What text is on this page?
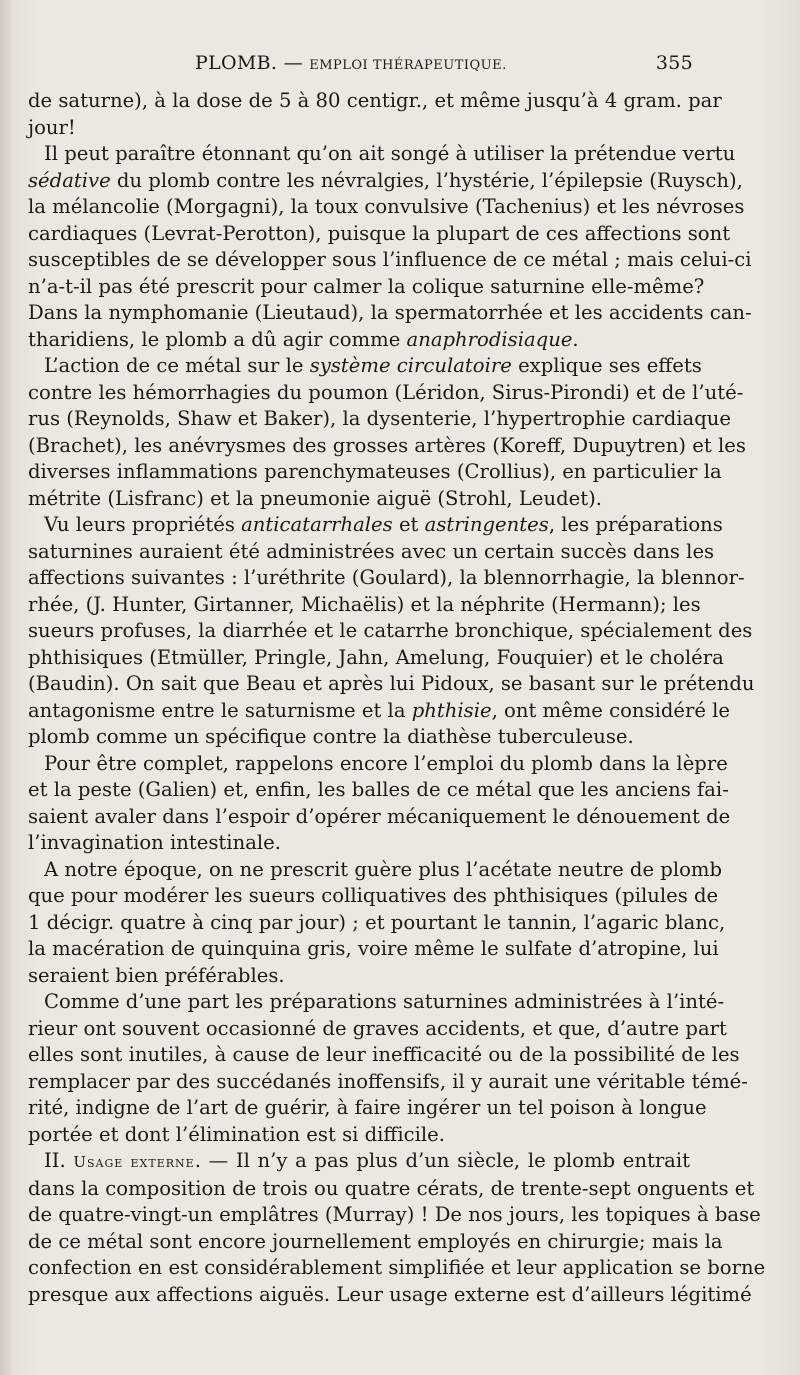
PLOMB. — EMPLOI THÉRAPEUTIQUE.	355
de saturne), à la dose de 5 à 80 centigr., et même jusqu’à 4 gram. par
jour!
Il peut paraître étonnant qu’on ait songé à utiliser la prétendue vertu
sédative du plomb contre les névralgies, l’hystérie, l’épilepsie (Ruysch),
la mélancolie (Morgagni), la toux convulsive (Tachenius) et les névroses
cardiaques (Levrat-Perotton), puisque la plupart de ces affections sont
susceptibles de se développer sous l’influence de ce métal ; mais celui-ci
n’a-t-il pas été prescrit pour calmer la colique saturnine elle-même?
Dans la nymphomanie (Lieutaud), la spermatorrhée et les accidents can-
tharidiens, le plomb a dû agir comme anaphrodisiaque.
L’action de ce métal sur le système circulatoire explique ses effets
contre les hémorrhagies du poumon (Léridon, Sirus-Pirondi) et de l’uté-
rus (Reynolds, Shaw et Baker), la dysenterie, l’hypertrophie cardiaque
(Brachet), les anévrysmes des grosses artères (Koreff, Dupuytren) et les
diverses inflammations parenchymateuses (Crollius), en particulier la
métrite (Lisfranc) et la pneumonie aiguë (Strohl, Leudet).
Vu leurs propriétés anticatarrhales et astringentes, les préparations
saturnines auraient été administrées avec un certain succès dans les
affections suivantes : l’uréthrite (Goulard), la blennorrhagie, la blennor-
rhée, (J. Hunter, Girtanner, Michaëlis) et la néphrite (Hermann); les
sueurs profuses, la diarrhée et le catarrhe bronchique, spécialement des
phthisiques (Etmüller, Pringle, Jahn, Amelung, Fouquier) et le choléra
(Baudin). On sait que Beau et après lui Pidoux, se basant sur le prétendu
antagonisme entre le saturnisme et la phthisie, ont même considéré le
plomb comme un spécifique contre la diathèse tuberculeuse.
Pour être complet, rappelons encore l’emploi du plomb dans la lèpre
et la peste (Galien) et, enfin, les balles de ce métal que les anciens fai-
saient avaler dans l’espoir d’opérer mécaniquement le dénouement de
l’invagination intestinale.
A notre époque, on ne prescrit guère plus l’acétate neutre de plomb
que pour modérer les sueurs colliquatives des phthisiques (pilules de
1 décigr. quatre à cinq par jour) ; et pourtant le tannin, l’agaric blanc,
la macération de quinquina gris, voire même le sulfate d’atropine, lui
seraient bien préférables.
Comme d’une part les préparations saturnines administrées à l’inté-
rieur ont souvent occasionné de graves accidents, et que, d’autre part
elles sont inutiles, à cause de leur inefficacité ou de la possibilité de les
remplacer par des succédanés inoffensifs, il y aurait une véritable témé-
rité, indigne de l’art de guérir, à faire ingérer un tel poison à longue
portée et dont l’élimination est si difficile.
II. Usage externe. — Il n’y a pas plus d’un siècle, le plomb entrait
dans la composition de trois ou quatre cérats, de trente-sept onguents et
de quatre-vingt-un emplâtres (Murray) ! De nos jours, les topiques à base
de ce métal sont encore journellement employés en chirurgie; mais la
confection en est considérablement simplifiée et leur application se borne
presque aux affections aiguës. Leur usage externe est d’ailleurs légitimé
